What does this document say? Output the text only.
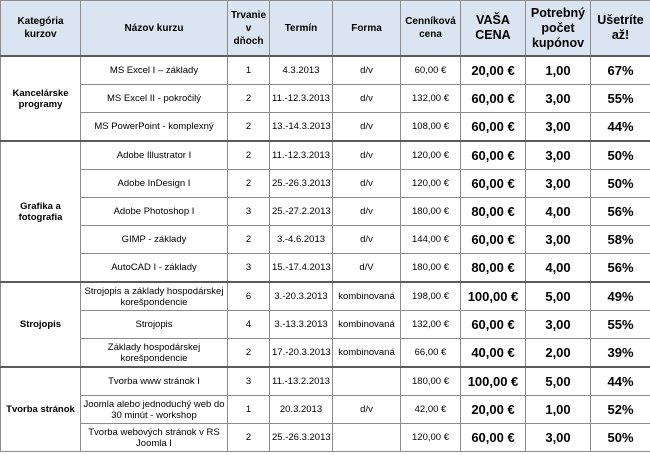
Kategória kurzov	Názov kurzu	Trvanie v dňoch	Termín	Forma	Cenníková cena	VAŠA CENA	Potrebný počet kupónov	Ušetríte až!
Kancelárske programy	MS Excel I – základy	1	4.3.2013	d/v	60,00 €	20,00 €	1,00	67%
	MS Excel II - pokročilý	2	11.-12.3.2013	d/v	132,00 €	60,00 €	3,00	55%
	MS PowerPoint - komplexný	2	13.-14.3.2013	d/v	108,00 €	60,00 €	3,00	44%
Grafika a fotografia	Adobe Illustrator I	2	11.-12.3.2013	d/v	120,00 €	60,00 €	3,00	50%
	Adobe InDesign I	2	25.-26.3.2013	d/v	120,00 €	60,00 €	3,00	50%
	Adobe Photoshop I	3	25.-27.2.2013	d/v	180,00 €	80,00 €	4,00	56%
	GIMP - základy	2	3.-4.6.2013	d/v	144,00 €	60,00 €	3,00	58%
	AutoCAD I - základy	3	15.-17.4.2013	d/V	180,00 €	80,00 €	4,00	56%
Strojopis	Strojopis a základy hospodárskej korešpondencie	6	3.-20.3.2013	kombinovaná	198,00 €	100,00 €	5,00	49%
	Strojopis	4	3.-13.3.2013	kombinovaná	132,00 €	60,00 €	3,00	55%
	Základy hospodárskej korešpondencie	2	17.-20.3.2013	kombinovaná	66,00 €	40,00 €	2,00	39%
Tvorba stránok	Tvorba www stránok I	3	11.-13.2.2013		180,00 €	100,00 €	5,00	44%
	Joomla alebo jednoduchý web do 30 minút - workshop	1	20.3.2013	d/v	42,00 €	20,00 €	1,00	52%
	Tvorba webových stránok v RS Joomla I	2	25.-26.3.2013		120,00 €	60,00 €	3,00	50%
